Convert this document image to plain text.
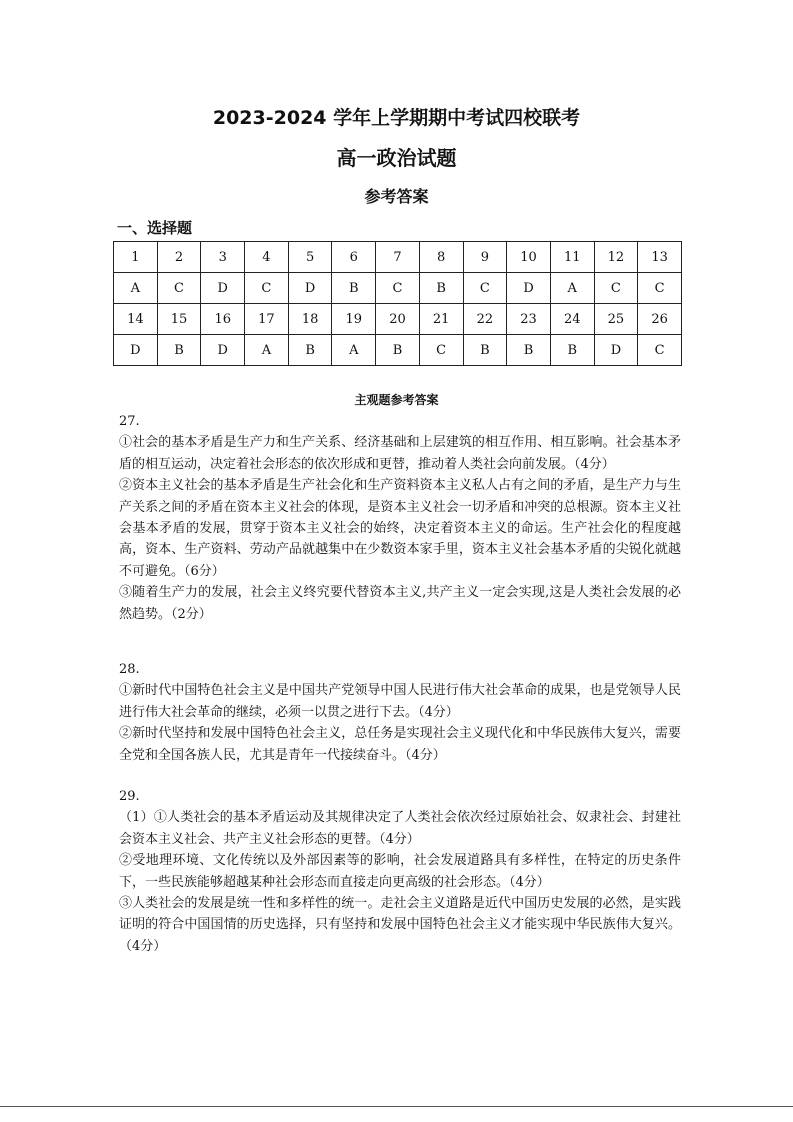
2023-2024 学年上学期期中考试四校联考
高一政治试题
参考答案
一、选择题
1	2	3	4	5	6	7	8	9	10	11	12	13
A	C	D	C	D	B	C	B	C	D	A	C	C
14	15	16	17	18	19	20	21	22	23	24	25	26
D	B	D	A	B	A	B	C	B	B	B	D	C
主观题参考答案

27.

①社会的基本矛盾是生产力和生产关系、经济基础和上层建筑的相互作用、相互影响。社会基本矛盾的相互运动，决定着社会形态的依次形成和更替，推动着人类社会向前发展。（4分）

②资本主义社会的基本矛盾是生产社会化和生产资料资本主义私人占有之间的矛盾，是生产力与生产关系之间的矛盾在资本主义社会的体现，是资本主义社会一切矛盾和冲突的总根源。资本主义社会基本矛盾的发展，贯穿于资本主义社会的始终，决定着资本主义的命运。生产社会化的程度越高，资本、生产资料、劳动产品就越集中在少数资本家手里，资本主义社会基本矛盾的尖锐化就越不可避免。（6分）

③随着生产力的发展，社会主义终究要代替资本主义,共产主义一定会实现,这是人类社会发展的必然趋势。（2分）

28.

①新时代中国特色社会主义是中国共产党领导中国人民进行伟大社会革命的成果，也是党领导人民进行伟大社会革命的继续，必须一以贯之进行下去。（4分）

②新时代坚持和发展中国特色社会主义，总任务是实现社会主义现代化和中华民族伟大复兴，需要全党和全国各族人民，尤其是青年一代接续奋斗。（4分）

29.

（1）①人类社会的基本矛盾运动及其规律决定了人类社会依次经过原始社会、奴隶社会、封建社会资本主义社会、共产主义社会形态的更替。（4分）

②受地理环境、文化传统以及外部因素等的影响，社会发展道路具有多样性，在特定的历史条件下，一些民族能够超越某种社会形态而直接走向更高级的社会形态。（4分）

③人类社会的发展是统一性和多样性的统一。走社会主义道路是近代中国历史发展的必然，是实践证明的符合中国国情的历史选择，只有坚持和发展中国特色社会主义才能实现中华民族伟大复兴。（4分）
